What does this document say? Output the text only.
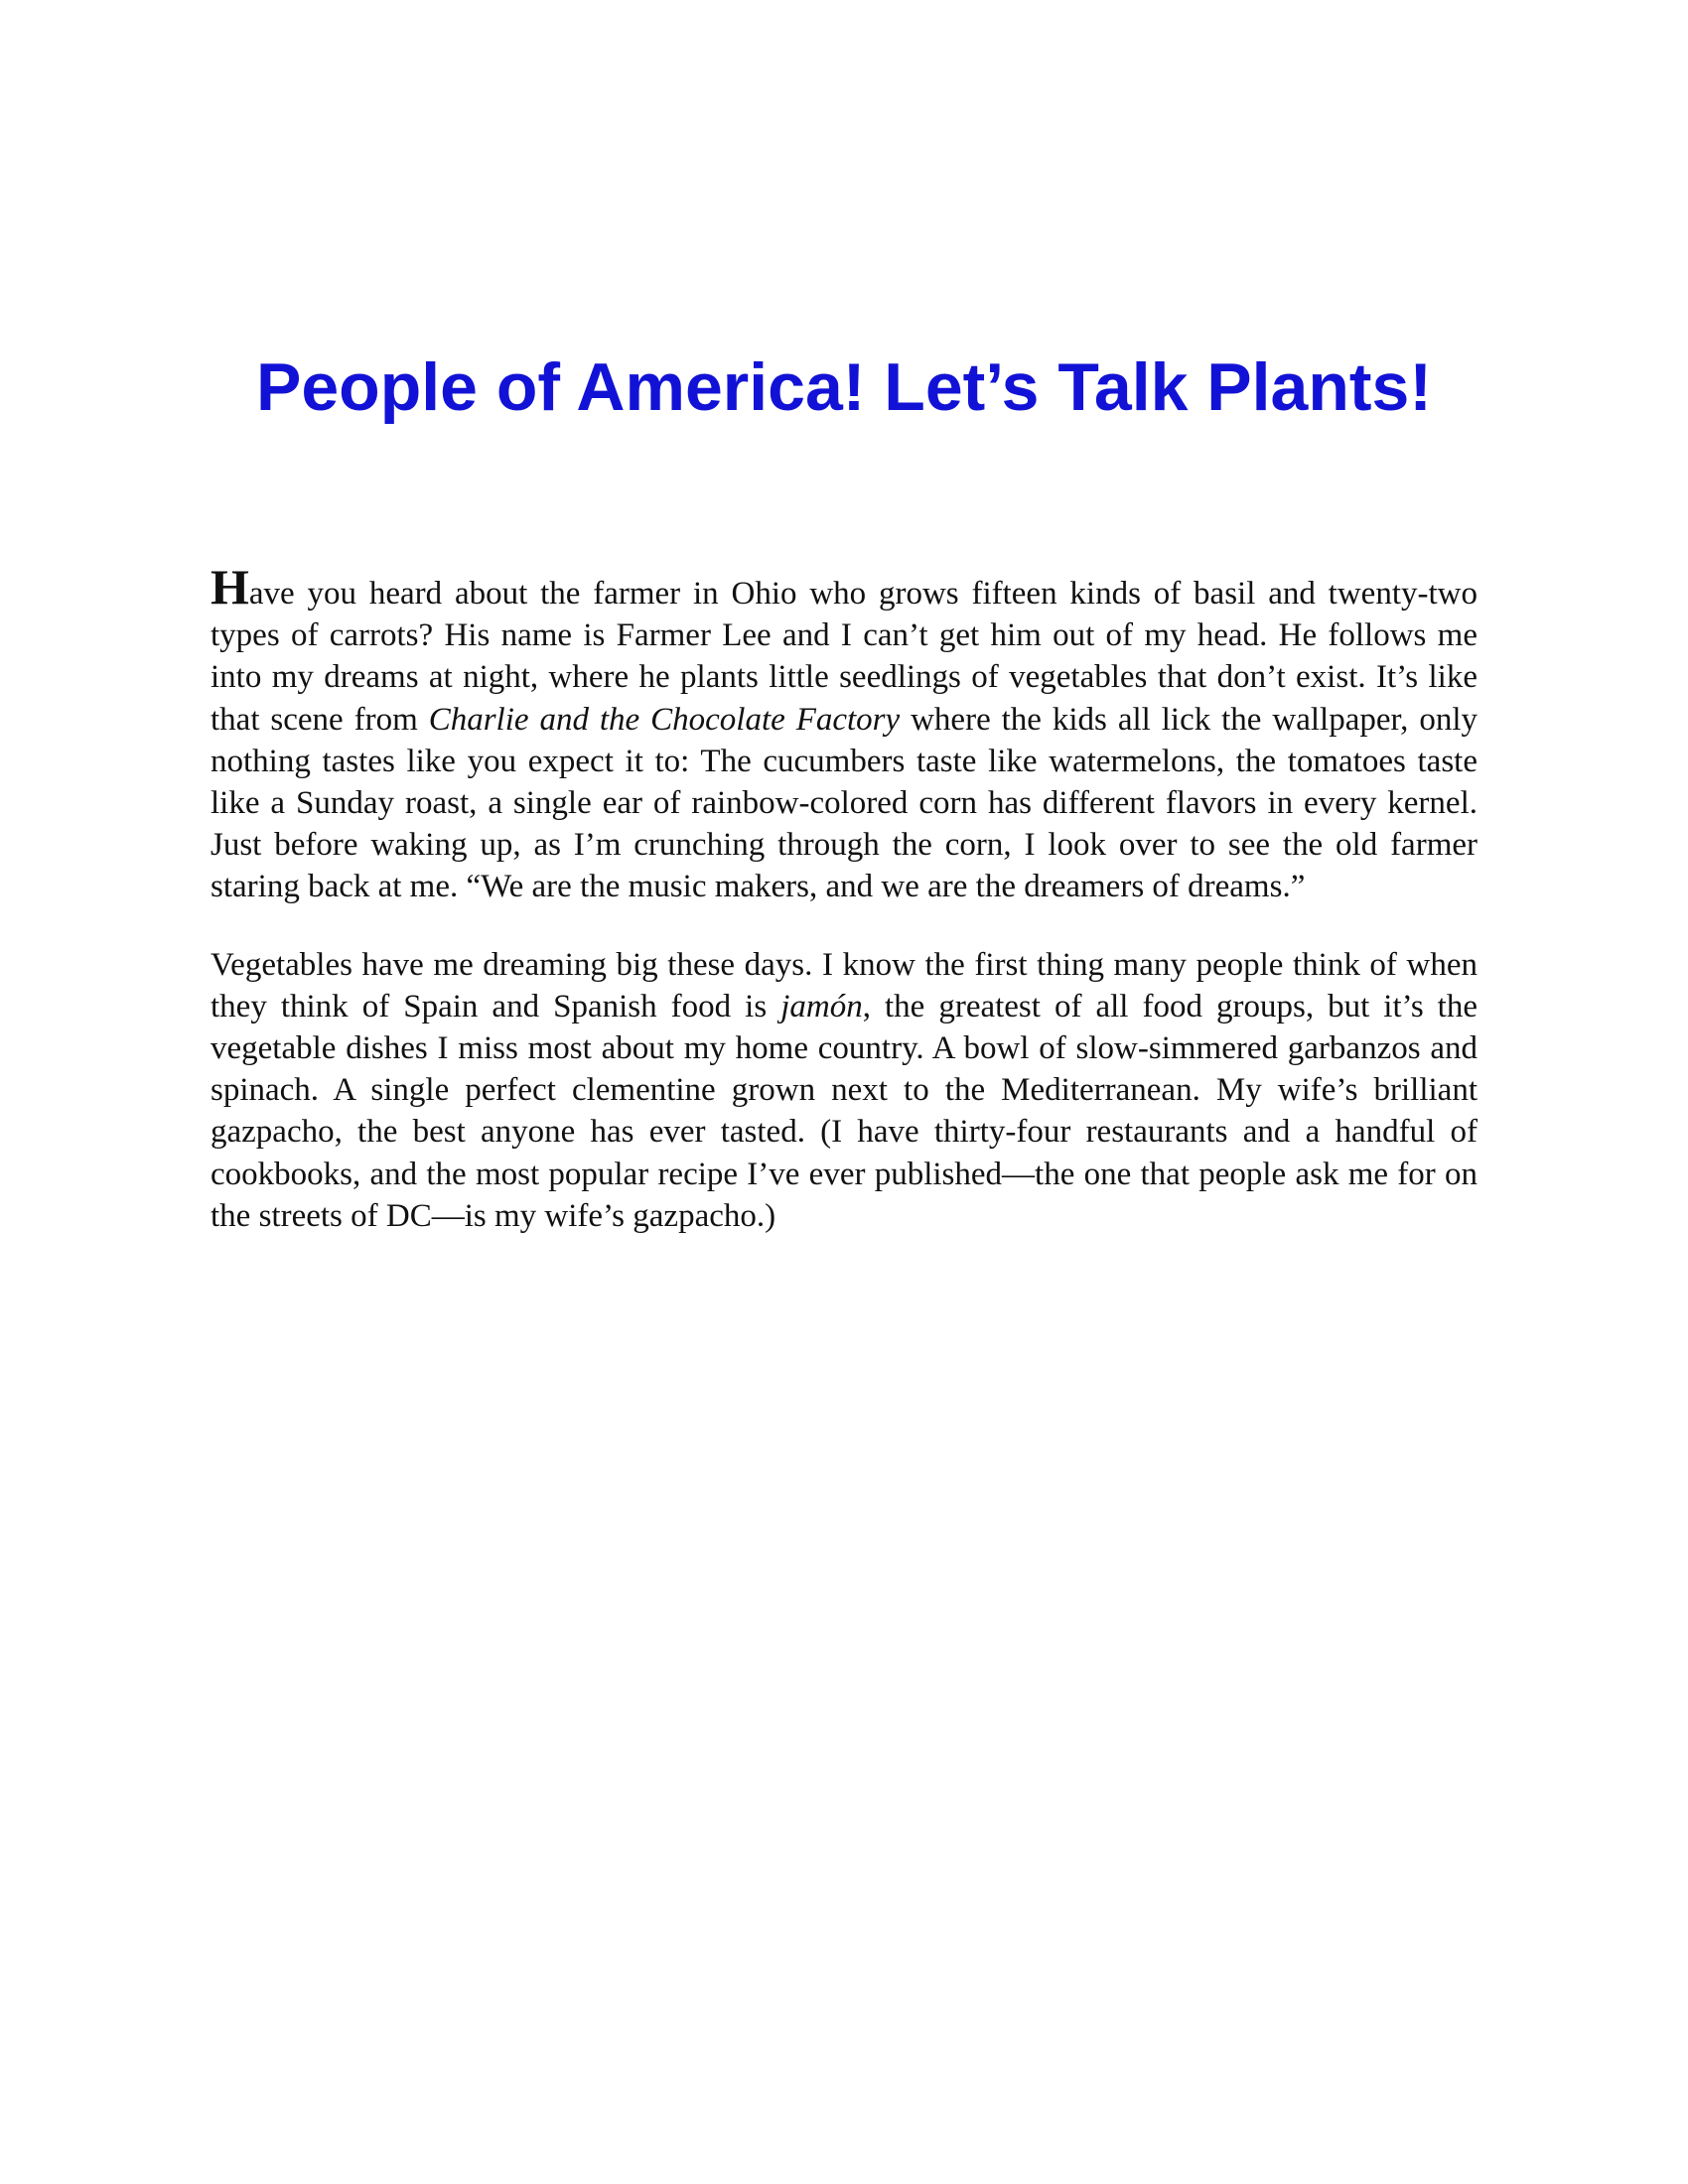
People of America! Let’s Talk Plants!

Have you heard about the farmer in Ohio who grows fifteen kinds of basil and twenty-two types of carrots? His name is Farmer Lee and I can’t get him out of my head. He follows me into my dreams at night, where he plants little seedlings of vegetables that don’t exist. It’s like that scene from Charlie and the Chocolate Factory where the kids all lick the wallpaper, only nothing tastes like you expect it to: The cucumbers taste like watermelons, the tomatoes taste like a Sunday roast, a single ear of rainbow-colored corn has different flavors in every kernel. Just before waking up, as I’m crunching through the corn, I look over to see the old farmer staring back at me. “We are the music makers, and we are the dreamers of dreams.”

Vegetables have me dreaming big these days. I know the first thing many people think of when they think of Spain and Spanish food is jamón, the greatest of all food groups, but it’s the vegetable dishes I miss most about my home country. A bowl of slow-simmered garbanzos and spinach. A single perfect clementine grown next to the Mediterranean. My wife’s brilliant gazpacho, the best anyone has ever tasted. (I have thirty-four restaurants and a handful of cookbooks, and the most popular recipe I’ve ever published—the one that people ask me for on the streets of DC—is my wife’s gazpacho.)
